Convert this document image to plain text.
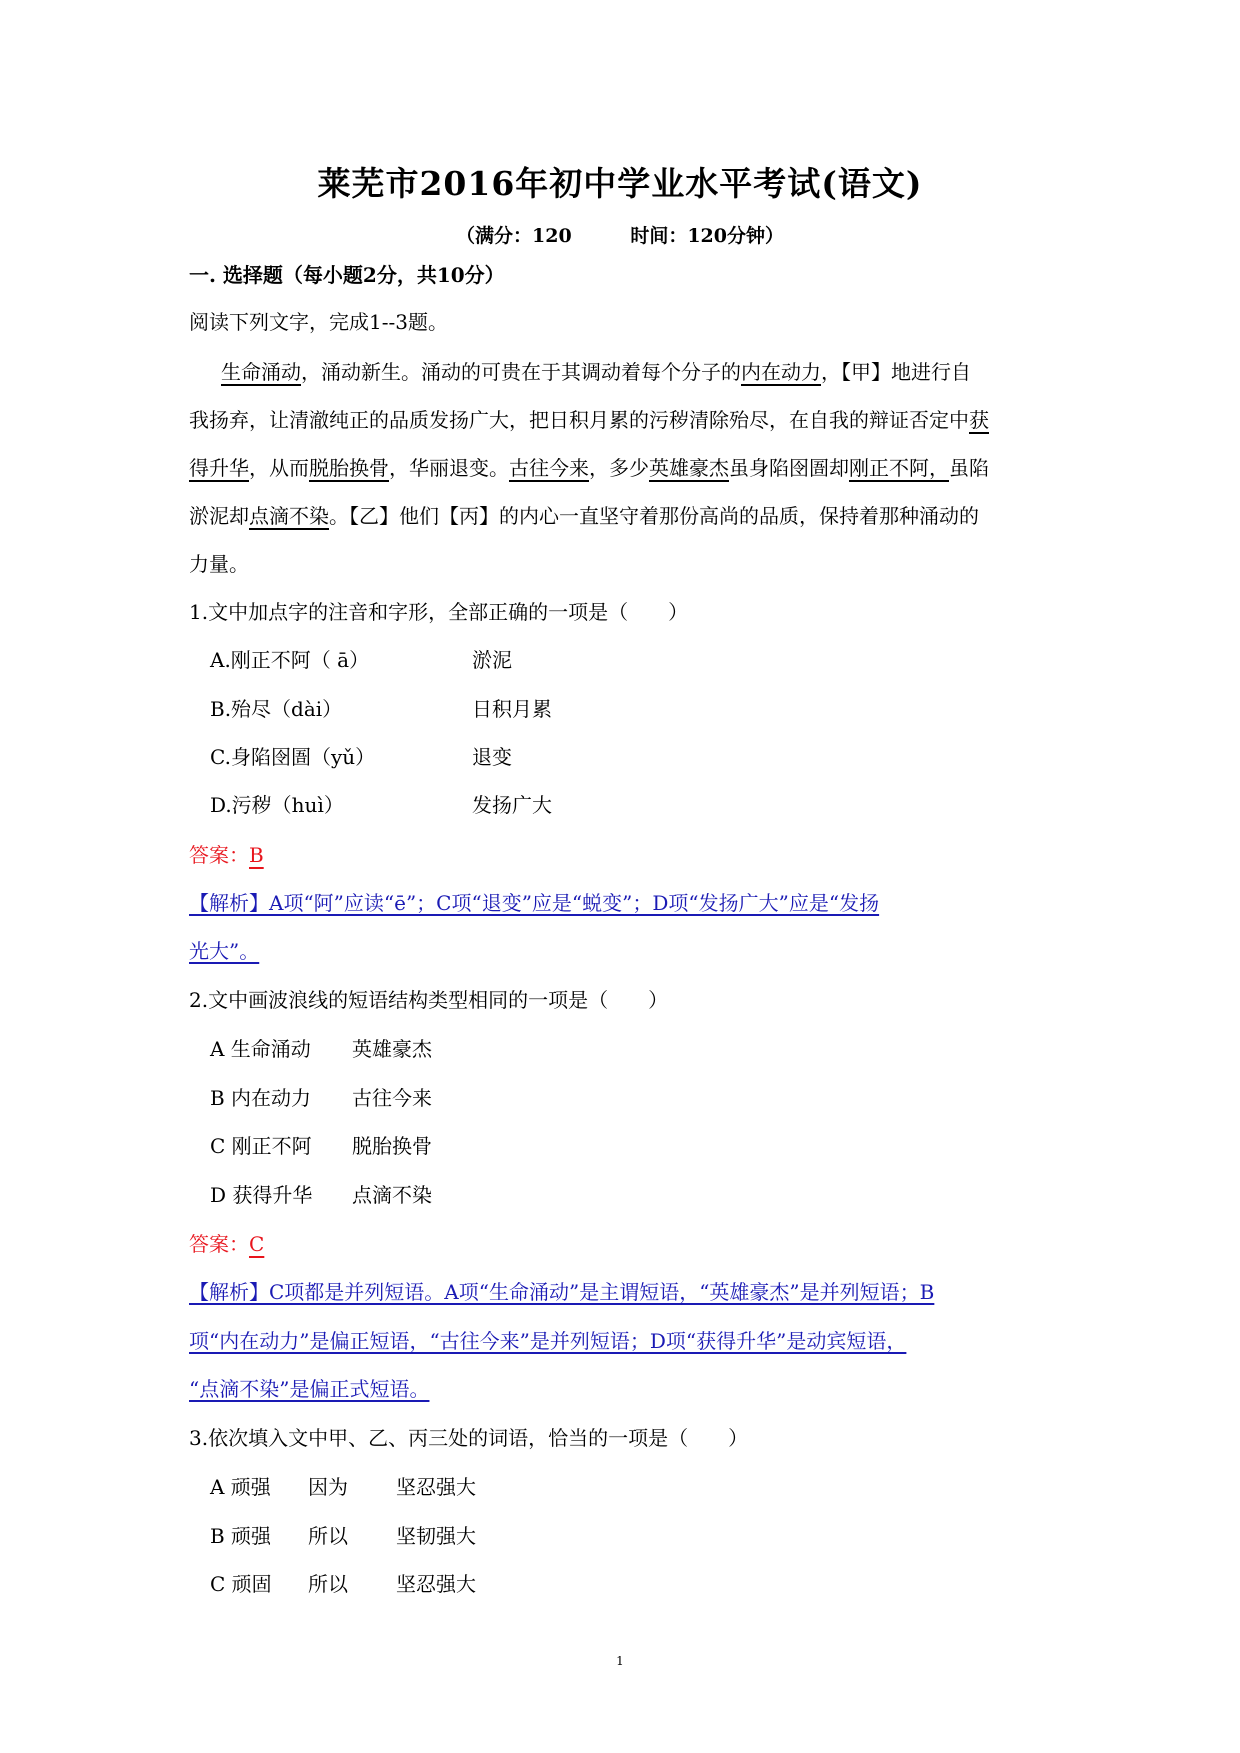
莱芜市2016年初中学业水平考试(语文)
（满分：120	时间：120分钟）
一. 选择题（每小题2分，共10分）
阅读下列文字，完成1--3题。
生命涌动，涌动新生。涌动的可贵在于其调动着每个分子的内在动力，【甲】地进行自
我扬弃，让清澈纯正的品质发扬广大，把日积月累的污秽清除殆尽，在自我的辩证否定中获
得升华，从而脱胎换骨，华丽退变。古往今来，多少英雄豪杰虽身陷囹圄却刚正不阿，虽陷
淤泥却点滴不染。【乙】他们【丙】的内心一直坚守着那份高尚的品质，保持着那种涌动的
力量。
1.文中加点字的注音和字形，全部正确的一项是（　　）
A.刚正不阿（ ā）	淤泥
B.殆尽（dài）	日积月累
C.身陷囹圄（yǔ）	退变
D.污秽（huì）	发扬广大
答案：B
【解析】A项“阿”应读“ē”；C项“退变”应是“蜕变”；D项“发扬广大”应是“发扬
光大”。
2.文中画波浪线的短语结构类型相同的一项是（　　）
A 生命涌动 英雄豪杰
B 内在动力 古往今来
C 刚正不阿 脱胎换骨
D 获得升华 点滴不染
答案：C
【解析】C项都是并列短语。A项“生命涌动”是主谓短语，“英雄豪杰”是并列短语；B
项“内在动力”是偏正短语，“古往今来”是并列短语；D项“获得升华”是动宾短语，
“点滴不染”是偏正式短语。
3.依次填入文中甲、乙、丙三处的词语，恰当的一项是（　　）
A 顽强 因为 坚忍强大
B 顽强 所以 坚韧强大
C 顽固 所以 坚忍强大
1
